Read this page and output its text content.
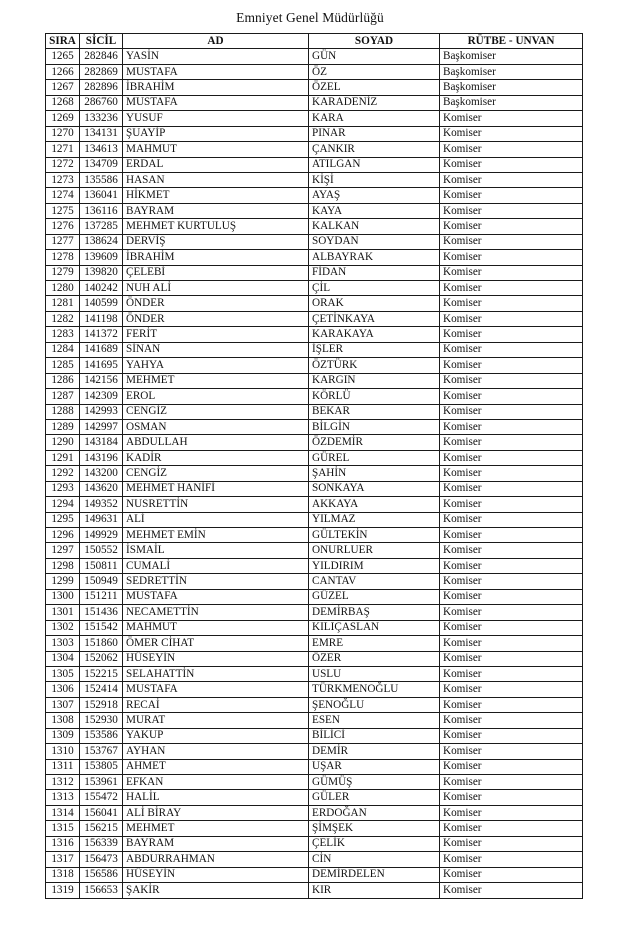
Emniyet Genel Müdürlüğü
SIRA	SİCİL	AD	SOYAD	RÜTBE - UNVAN
1265	282846	YASİN	GÜN	Başkomiser
1266	282869	MUSTAFA	ÖZ	Başkomiser
1267	282896	İBRAHİM	ÖZEL	Başkomiser
1268	286760	MUSTAFA	KARADENİZ	Başkomiser
1269	133236	YUSUF	KARA	Komiser
1270	134131	ŞUAYİP	PINAR	Komiser
1271	134613	MAHMUT	ÇANKIR	Komiser
1272	134709	ERDAL	ATILGAN	Komiser
1273	135586	HASAN	KİŞİ	Komiser
1274	136041	HİKMET	AYAŞ	Komiser
1275	136116	BAYRAM	KAYA	Komiser
1276	137285	MEHMET KURTULUŞ	KALKAN	Komiser
1277	138624	DERVİŞ	SOYDAN	Komiser
1278	139609	İBRAHİM	ALBAYRAK	Komiser
1279	139820	ÇELEBİ	FİDAN	Komiser
1280	140242	NUH ALİ	ÇİL	Komiser
1281	140599	ÖNDER	ORAK	Komiser
1282	141198	ÖNDER	ÇETİNKAYA	Komiser
1283	141372	FERİT	KARAKAYA	Komiser
1284	141689	SİNAN	İŞLER	Komiser
1285	141695	YAHYA	ÖZTÜRK	Komiser
1286	142156	MEHMET	KARGIN	Komiser
1287	142309	EROL	KÖRLÜ	Komiser
1288	142993	CENGİZ	BEKAR	Komiser
1289	142997	OSMAN	BİLGİN	Komiser
1290	143184	ABDULLAH	ÖZDEMİR	Komiser
1291	143196	KADİR	GÜREL	Komiser
1292	143200	CENGİZ	ŞAHİN	Komiser
1293	143620	MEHMET HANİFİ	SONKAYA	Komiser
1294	149352	NUSRETTİN	AKKAYA	Komiser
1295	149631	ALİ	YILMAZ	Komiser
1296	149929	MEHMET EMİN	GÜLTEKİN	Komiser
1297	150552	İSMAİL	ONURLUER	Komiser
1298	150811	CUMALİ	YILDIRIM	Komiser
1299	150949	SEDRETTİN	CANTAV	Komiser
1300	151211	MUSTAFA	GÜZEL	Komiser
1301	151436	NECAMETTİN	DEMİRBAŞ	Komiser
1302	151542	MAHMUT	KILIÇASLAN	Komiser
1303	151860	ÖMER CİHAT	EMRE	Komiser
1304	152062	HÜSEYİN	ÖZER	Komiser
1305	152215	SELAHATTİN	USLU	Komiser
1306	152414	MUSTAFA	TÜRKMENOĞLU	Komiser
1307	152918	RECAİ	ŞENOĞLU	Komiser
1308	152930	MURAT	ESEN	Komiser
1309	153586	YAKUP	BİLİCİ	Komiser
1310	153767	AYHAN	DEMİR	Komiser
1311	153805	AHMET	UŞAR	Komiser
1312	153961	EFKAN	GÜMÜŞ	Komiser
1313	155472	HALİL	GÜLER	Komiser
1314	156041	ALİ BİRAY	ERDOĞAN	Komiser
1315	156215	MEHMET	ŞİMŞEK	Komiser
1316	156339	BAYRAM	ÇELİK	Komiser
1317	156473	ABDURRAHMAN	CİN	Komiser
1318	156586	HÜSEYİN	DEMİRDELEN	Komiser
1319	156653	ŞAKİR	KIR	Komiser
